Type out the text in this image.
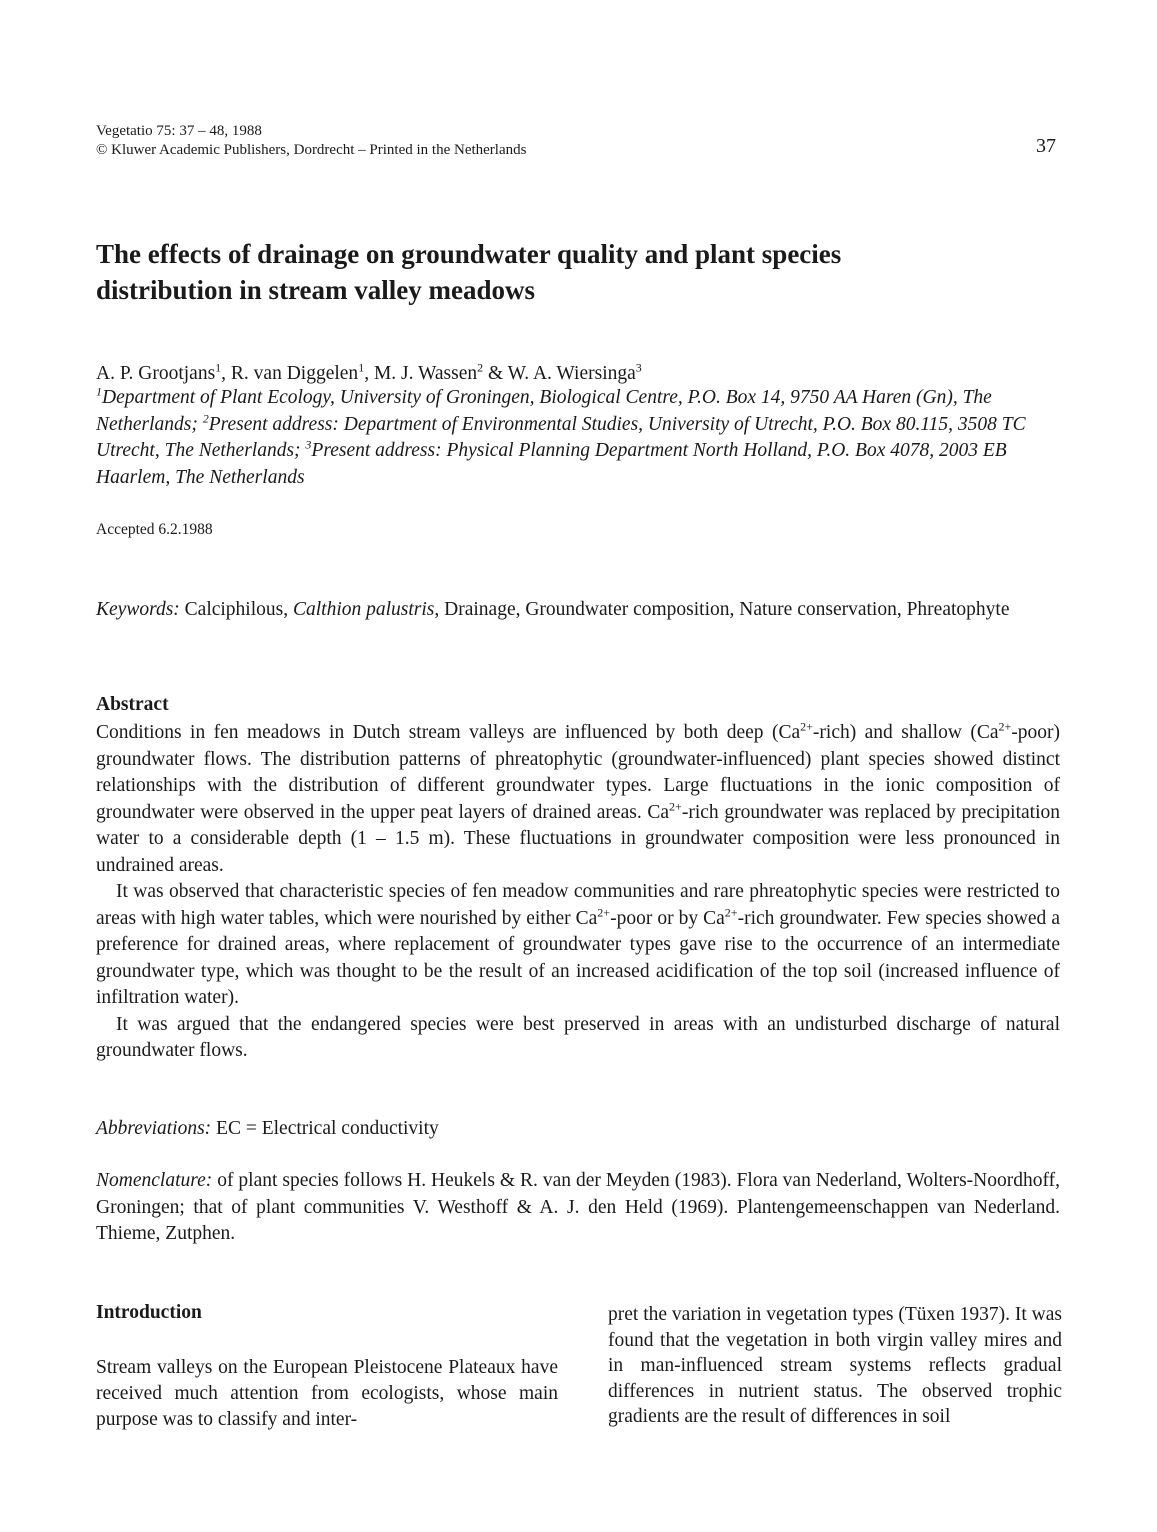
Vegetatio 75: 37 – 48, 1988
© Kluwer Academic Publishers, Dordrecht – Printed in the Netherlands	37
The effects of drainage on groundwater quality and plant species
distribution in stream valley meadows
A. P. Grootjans$^1$, R. van Diggelen$^1$, M. J. Wassen$^2$ & W. A. Wiersinga$^3$
$^1$Department of Plant Ecology, University of Groningen, Biological Centre, P.O. Box 14, 9750 AA Haren (Gn), The Netherlands; $^2$Present address: Department of Environmental Studies, University of Utrecht, P.O. Box 80.115, 3508 TC Utrecht, The Netherlands; $^3$Present address: Physical Planning Department North Holland, P.O. Box 4078, 2003 EB Haarlem, The Netherlands
Accepted 6.2.1988
Keywords: Calciphilous, Calthion palustris, Drainage, Groundwater composition, Nature conservation, Phreatophyte
Abstract

Conditions in fen meadows in Dutch stream valleys are influenced by both deep $(Ca^{2+}-rich)$ and shallow $(Ca^{2+}-poor)$ groundwater flows. The distribution patterns of phreatophytic (groundwater-influenced) plant species showed distinct relationships with the distribution of different groundwater types. Large fluctuations in the ionic composition of groundwater were observed in the upper peat layers of drained areas. $Ca^{2+}$-rich groundwater was replaced by precipitation water to a considerable depth (1 – 1.5 m). These fluctuations in groundwater composition were less pronounced in undrained areas.

It was observed that characteristic species of fen meadow communities and rare phreatophytic species were restricted to areas with high water tables, which were nourished by either $Ca^{2+}$-poor or by $Ca^{2+}$-rich groundwater. Few species showed a preference for drained areas, where replacement of groundwater types gave rise to the occurrence of an intermediate groundwater type, which was thought to be the result of an increased acidification of the top soil (increased influence of infiltration water).

It was argued that the endangered species were best preserved in areas with an undisturbed discharge of natural groundwater flows.

Abbreviations: EC = Electrical conductivity
Nomenclature: of plant species follows H. Heukels & R. van der Meyden (1983). Flora van Nederland, Wolters-Noordhoff, Groningen; that of plant communities V. Westhoff & A. J. den Held (1969). Plantengemeenschappen van Nederland. Thieme, Zutphen.
Introduction
Stream valleys on the European Pleistocene Plateaux have received much attention from ecologists, whose main purpose was to classify and inter-
pret the variation in vegetation types (Tüxen 1937). It was found that the vegetation in both virgin valley mires and in man-influenced stream systems reflects gradual differences in nutrient status. The observed trophic gradients are the result of differences in soil
